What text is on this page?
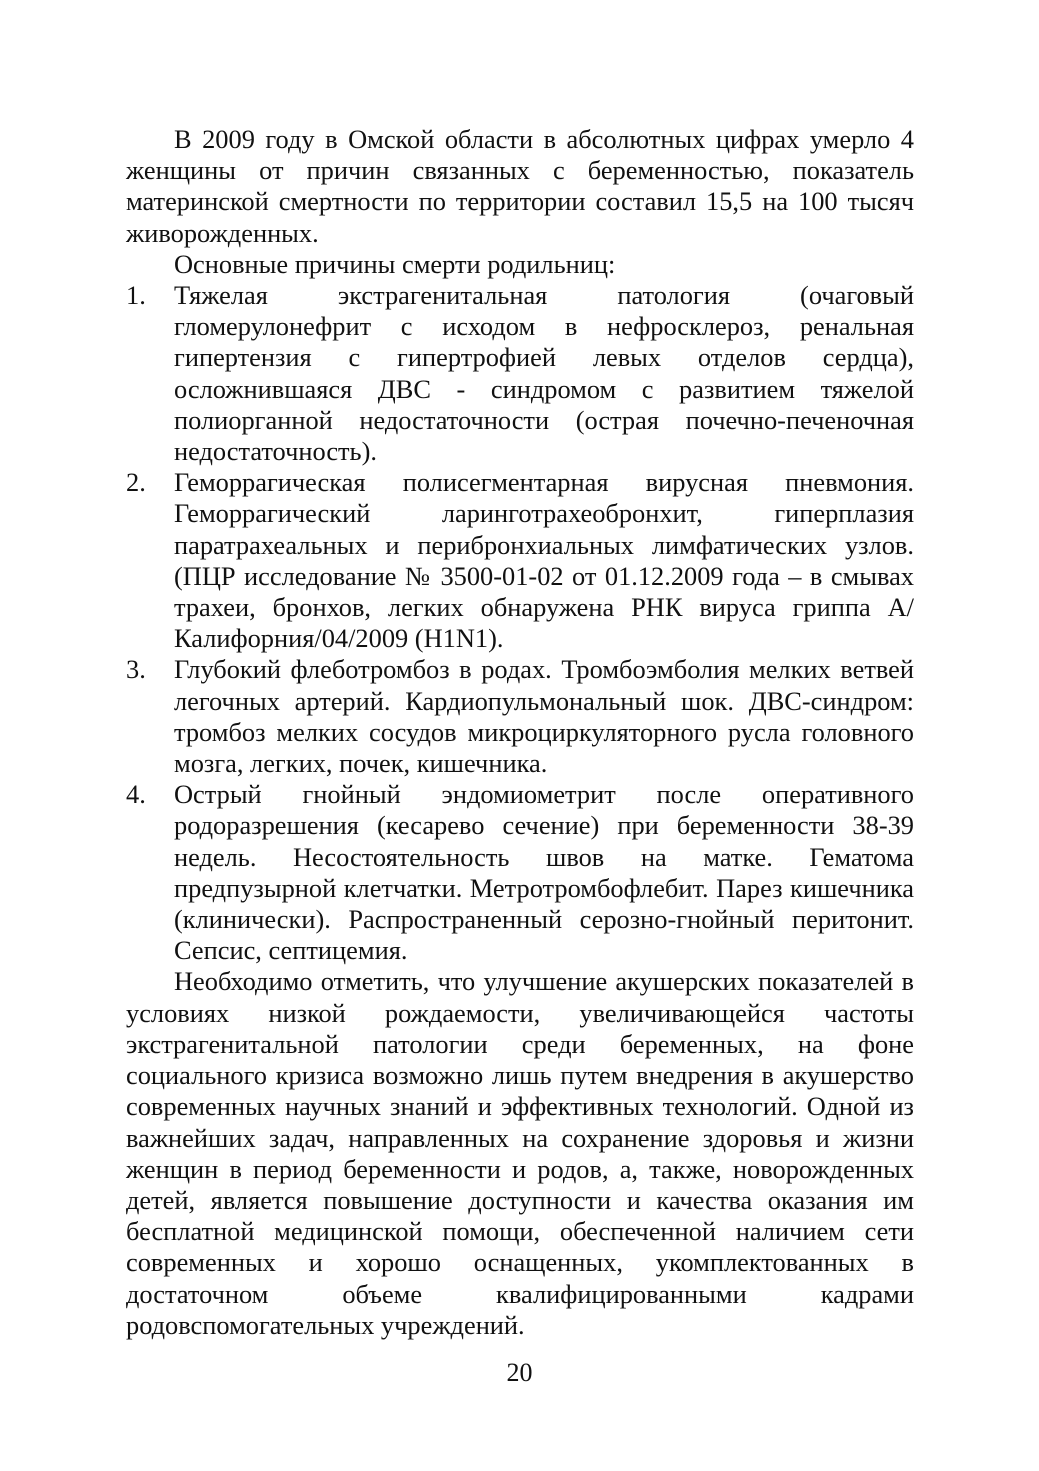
В 2009 году в Омской области в абсолютных цифрах умерло 4 женщины от причин связанных с беременностью, показатель материнской смертности по территории составил 15,5 на 100 тысяч живорожденных.

Основные причины смерти родильниц:

1. Тяжелая экстрагенитальная патология (очаговый гломерулонефрит с исходом в нефросклероз, ренальная гипертензия с гипертрофией левых отделов сердца), осложнившаяся ДВС - синдромом с развитием тяжелой полиорганной недостаточности (острая почечно-печеночная недостаточность).
2. Геморрагическая полисегментарная вирусная пневмония. Геморрагический ларинготрахеобронхит, гиперплазия паратрахеальных и перибронхиальных лимфатических узлов. (ПЦР исследование № 3500-01-02 от 01.12.2009 года – в смывах трахеи, бронхов, легких обнаружена РНК вируса гриппа А/Калифорния/04/2009 (H1N1).
3. Глубокий флеботромбоз в родах. Тромбоэмболия мелких ветвей легочных артерий. Кардиопульмональный шок. ДВС-синдром: тромбоз мелких сосудов микроциркуляторного русла головного мозга, легких, почек, кишечника.
4. Острый гнойный эндомиометрит после оперативного родоразрешения (кесарево сечение) при беременности 38-39 недель. Несостоятельность швов на матке. Гематома предпузырной клетчатки. Метротромбофлебит. Парез кишечника (клинически). Распространенный серозно-гнойный перитонит. Сепсис, септицемия.

Необходимо отметить, что улучшение акушерских показателей в условиях низкой рождаемости, увеличивающейся частоты экстрагенитальной патологии среди беременных, на фоне социального кризиса возможно лишь путем внедрения в акушерство современных научных знаний и эффективных технологий. Одной из важнейших задач, направленных на сохранение здоровья и жизни женщин в период беременности и родов, а, также, новорожденных детей, является повышение доступности и качества оказания им бесплатной медицинской помощи, обеспеченной наличием сети современных и хорошо оснащенных, укомплектованных в достаточном объеме квалифицированными кадрами родовспомогательных учреждений.

20
